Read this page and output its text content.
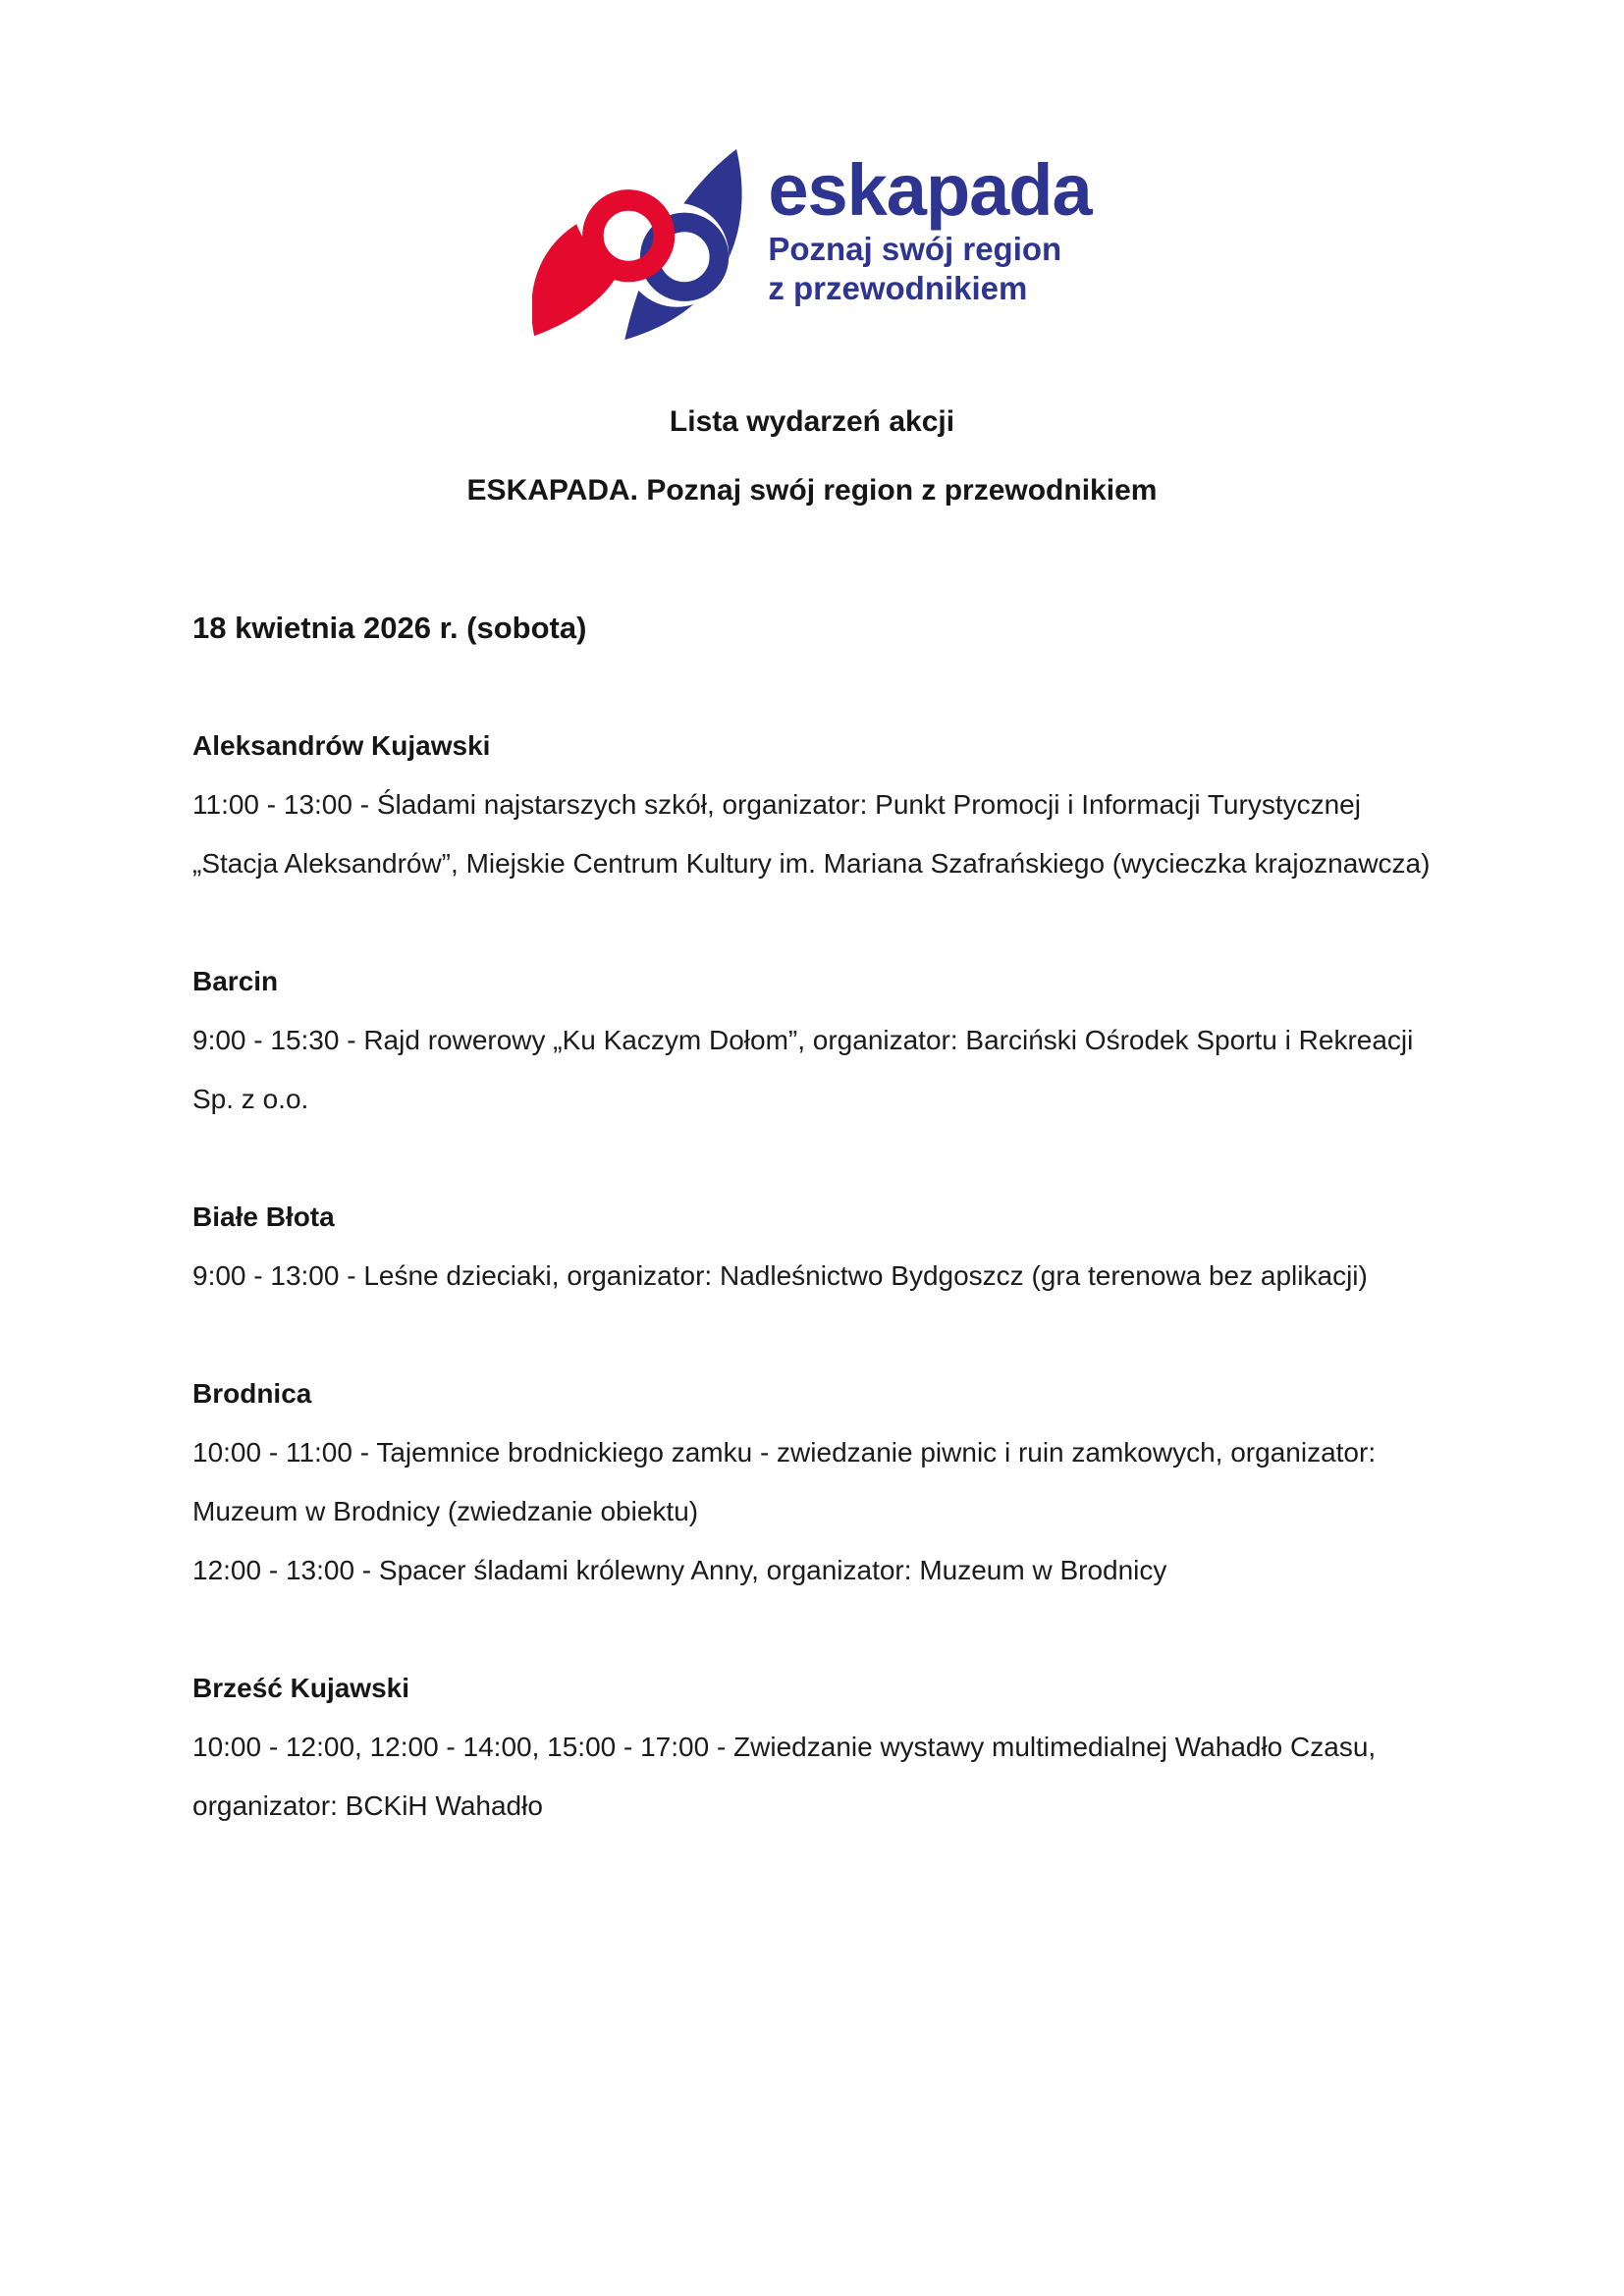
eskapada
Poznaj swój region
z przewodnikiem
Lista wydarzeń akcji
ESKAPADA. Poznaj swój region z przewodnikiem
18 kwietnia 2026 r. (sobota)
Aleksandrów Kujawski

11:00 - 13:00 - Śladami najstarszych szkół, organizator: Punkt Promocji i Informacji Turystycznej „Stacja Aleksandrów”, Miejskie Centrum Kultury im. Mariana Szafrańskiego (wycieczka krajoznawcza)

Barcin

9:00 - 15:30 - Rajd rowerowy „Ku Kaczym Dołom”, organizator: Barciński Ośrodek Sportu i Rekreacji Sp. z o.o.

Białe Błota

9:00 - 13:00 - Leśne dzieciaki, organizator: Nadleśnictwo Bydgoszcz (gra terenowa bez aplikacji)

Brodnica

10:00 - 11:00 - Tajemnice brodnickiego zamku - zwiedzanie piwnic i ruin zamkowych, organizator: Muzeum w Brodnicy (zwiedzanie obiektu)

12:00 - 13:00 - Spacer śladami królewny Anny, organizator: Muzeum w Brodnicy

Brześć Kujawski

10:00 - 12:00, 12:00 - 14:00, 15:00 - 17:00 - Zwiedzanie wystawy multimedialnej Wahadło Czasu, organizator: BCKiH Wahadło
